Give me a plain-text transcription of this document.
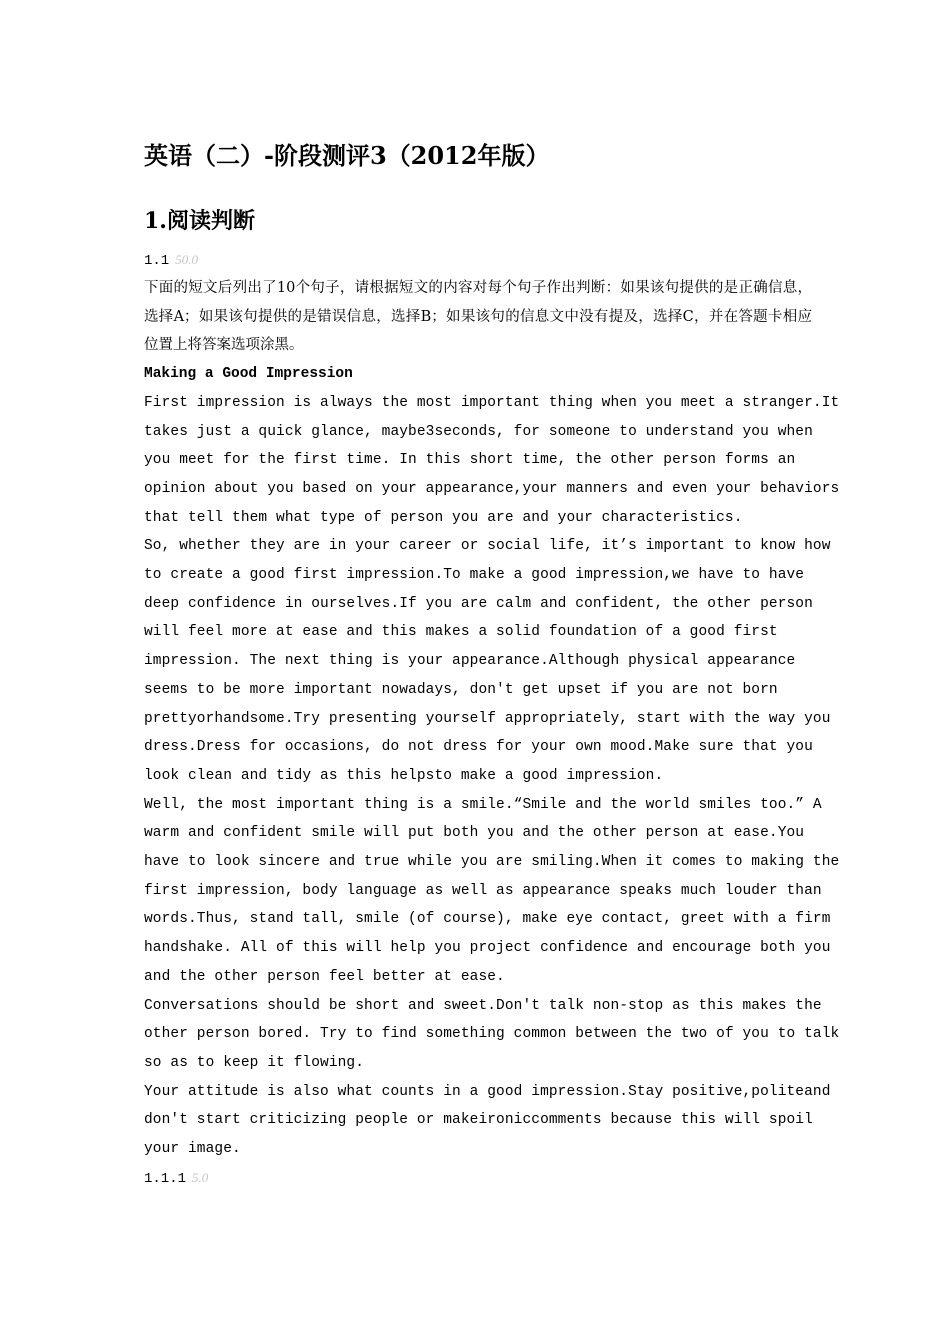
英语（二）-阶段测评3（2012年版）
1.阅读判断
1.1 50.0

下面的短文后列出了10个句子，请根据短文的内容对每个句子作出判断：如果该句提供的是正确信息，选择A；如果该句提供的是错误信息，选择B；如果该句的信息文中没有提及，选择C，并在答题卡相应位置上将答案选项涂黑。

Making a Good Impression

First impression is always the most important thing when you meet a stranger.It
takes just a quick glance, maybe3seconds, for someone to understand you when
you meet for the first time. In this short time, the other person forms an
opinion about you based on your appearance,your manners and even your behaviors
that tell them what type of person you are and your characteristics.

So, whether they are in your career or social life, it’s important to know how
to create a good first impression.To make a good impression,we have to have
deep confidence in ourselves.If you are calm and confident, the other person
will feel more at ease and this makes a solid foundation of a good first
impression. The next thing is your appearance.Although physical appearance
seems to be more important nowadays, don't get upset if you are not born
prettyorhandsome.Try presenting yourself appropriately, start with the way you
dress.Dress for occasions, do not dress for your own mood.Make sure that you
look clean and tidy as this helpsto make a good impression.

Well, the most important thing is a smile.“Smile and the world smiles too.” A
warm and confident smile will put both you and the other person at ease.You
have to look sincere and true while you are smiling.When it comes to making the
first impression, body language as well as appearance speaks much louder than
words.Thus, stand tall, smile (of course), make eye contact, greet with a firm
handshake. All of this will help you project confidence and encourage both you
and the other person feel better at ease.

Conversations should be short and sweet.Don't talk non-stop as this makes the
other person bored. Try to find something common between the two of you to talk
so as to keep it flowing.

Your attitude is also what counts in a good impression.Stay positive,politeand
don't start criticizing people or makeironiccomments because this will spoil
your image.

1.1.1 5.0
